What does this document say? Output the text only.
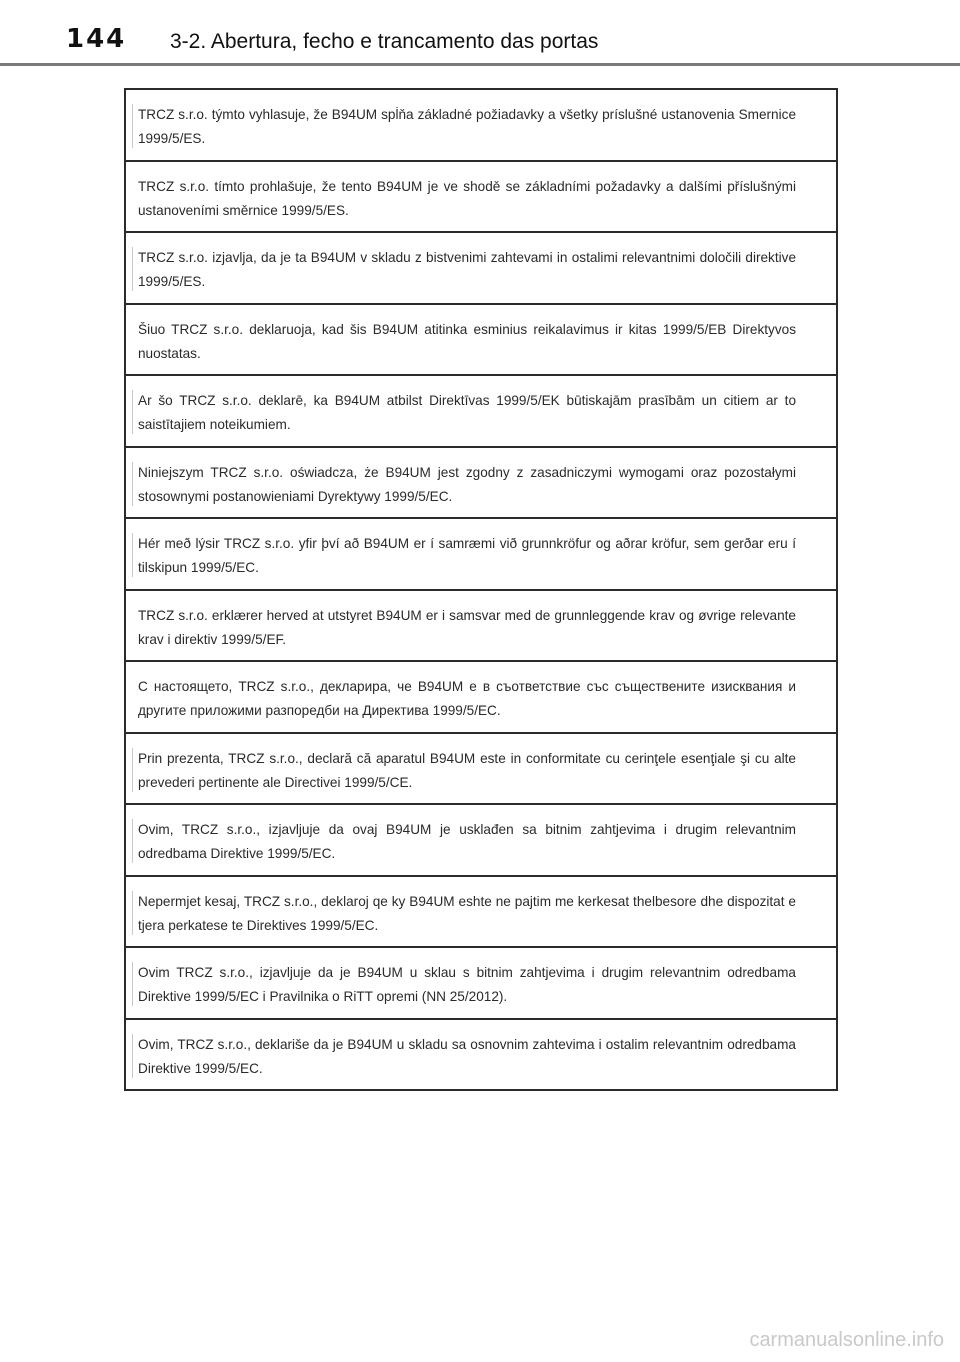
144 3-2. Abertura, fecho e trancamento das portas
TRCZ s.r.o. týmto vyhlasuje, že B94UM spĺňa základné požiadavky a všetky príslušné ustanovenia Smernice 1999/5/ES.
TRCZ s.r.o. tímto prohlašuje, že tento B94UM je ve shodě se základními požadavky a dalšími příslušnými ustanoveními směrnice 1999/5/ES.
TRCZ s.r.o. izjavlja, da je ta B94UM v skladu z bistvenimi zahtevami in ostalimi relevantnimi določili direktive 1999/5/ES.
Šiuo TRCZ s.r.o. deklaruoja, kad šis B94UM atitinka esminius reikalavimus ir kitas 1999/5/EB Direktyvos nuostatas.
Ar šo TRCZ s.r.o. deklarē, ka B94UM atbilst Direktīvas 1999/5/EK būtiskajām prasībām un citiem ar to saistītajiem noteikumiem.
Niniejszym TRCZ s.r.o. oświadcza, że B94UM jest zgodny z zasadniczymi wymogami oraz pozostałymi stosownymi postanowieniami Dyrektywy 1999/5/EC.
Hér með lýsir TRCZ s.r.o. yfir því að B94UM er í samræmi við grunnkröfur og aðrar kröfur, sem gerðar eru í tilskipun 1999/5/EC.
TRCZ s.r.o. erklærer herved at utstyret B94UM er i samsvar med de grunnleggende krav og øvrige relevante krav i direktiv 1999/5/EF.
С настоящето, TRCZ s.r.o., декларира, че B94UM е в съответствие със съществените изисквания и другите приложими разпоредби на Директива 1999/5/EC.
Prin prezenta, TRCZ s.r.o., declară că aparatul B94UM este in conformitate cu cerinţele esenţiale şi cu alte prevederi pertinente ale Directivei 1999/5/CE.
Ovim, TRCZ s.r.o., izjavljuje da ovaj B94UM je usklađen sa bitnim zahtjevima i drugim relevantnim odredbama Direktive 1999/5/EC.
Nepermjet kesaj, TRCZ s.r.o., deklaroj qe ky B94UM eshte ne pajtim me kerkesat thelbesore dhe dispozitat e tjera perkatese te Direktives 1999/5/EC.
Ovim TRCZ s.r.o., izjavljuje da je B94UM u sklau s bitnim zahtjevima i drugim relevantnim odredbama Direktive 1999/5/EC i Pravilnika o RiTT opremi (NN 25/2012).
Ovim, TRCZ s.r.o., deklariše da je B94UM u skladu sa osnovnim zahtevima i ostalim relevantnim odredbama Direktive 1999/5/EC.
carmanualsonline.info
